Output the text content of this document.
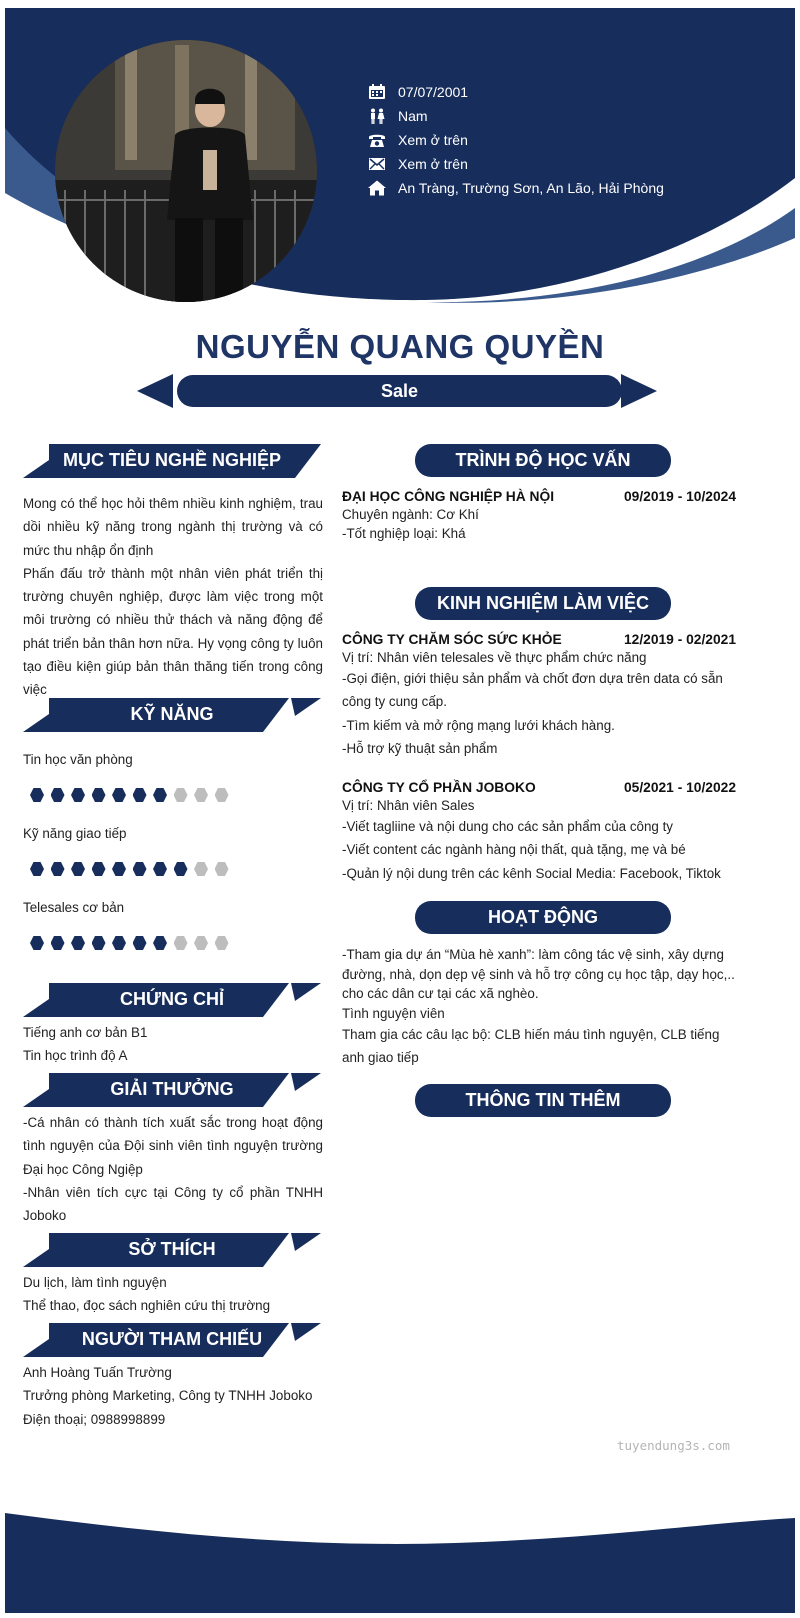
07/07/2001
Nam
Xem ở trên
Xem ở trên
An Tràng, Trường Sơn, An Lão, Hải Phòng
NGUYỄN QUANG QUYỀN
Sale
MỤC TIÊU NGHỀ NGHIỆP
Mong có thể học hỏi thêm nhiều kinh nghiệm, trau dồi nhiều kỹ năng trong ngành thị trường và có mức thu nhập ổn định
Phấn đấu trở thành một nhân viên phát triển thị trường chuyên nghiệp, được làm việc trong một môi trường có nhiều thử thách và năng động để phát triển bản thân hơn nữa. Hy vọng công ty luôn tạo điều kiện giúp bản thân thăng tiến trong công việc
KỸ NĂNG
Tin học văn phòng
Kỹ năng giao tiếp
Telesales cơ bản
CHỨNG CHỈ
Tiếng anh cơ bản B1
Tin học trình độ A
GIẢI THƯỞNG
-Cá nhân có thành tích xuất sắc trong hoạt động tình nguyện của Đội sinh viên tình nguyện trường Đại học Công Ngiệp
-Nhân viên tích cực tại Công ty cổ phần TNHH Joboko
SỞ THÍCH
Du lịch, làm tình nguyện
Thể thao, đọc sách nghiên cứu thị trường
NGƯỜI THAM CHIẾU
Anh Hoàng Tuấn Trường
Trưởng phòng Marketing, Công ty TNHH Joboko
Điện thoại; 0988998899
TRÌNH ĐỘ HỌC VẤN
ĐẠI HỌC CÔNG NGHIỆP HÀ NỘI	09/2019 - 10/2024
Chuyên ngành: Cơ Khí
-Tốt nghiệp loại: Khá
KINH NGHIỆM LÀM VIỆC
CÔNG TY CHĂM SÓC SỨC KHỎE	12/2019 - 02/2021
Vị trí: Nhân viên telesales về thực phẩm chức năng
-Gọi điện, giới thiệu sản phẩm và chốt đơn dựa trên data có sẵn công ty cung cấp.
-Tìm kiếm và mở rộng mạng lưới khách hàng.
-Hỗ trợ kỹ thuật sản phẩm
CÔNG TY CỔ PHẦN JOBOKO	05/2021 - 10/2022
Vị trí: Nhân viên Sales
-Viết tagliine và nội dung cho các sản phẩm của công ty
-Viết content các ngành hàng nội thất, quà tặng, mẹ và bé
-Quản lý nội dung trên các kênh Social Media: Facebook, Tiktok
HOẠT ĐỘNG
-Tham gia dự án “Mùa hè xanh”: làm công tác vệ sinh, xây dựng đường, nhà, dọn dẹp vệ sinh và hỗ trợ công cụ học tập, dạy học,.. cho các dân cư tại các xã nghèo.
Tình nguyện viên
Tham gia các câu lạc bộ: CLB hiến máu tình nguyện, CLB tiếng anh giao tiếp
THÔNG TIN THÊM
tuyendung3s.com
